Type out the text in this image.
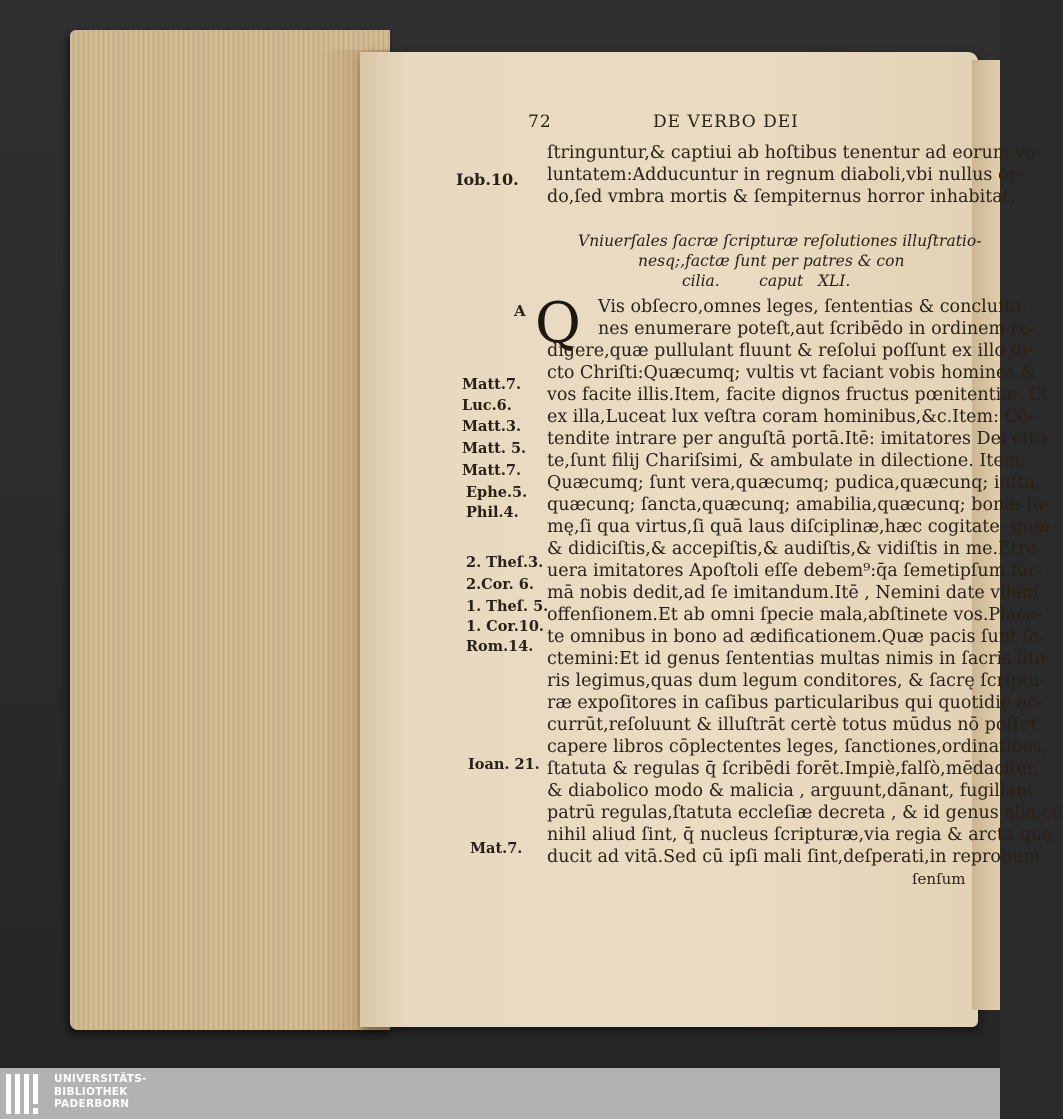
72	DE VERBO DEI
ſtringuntur,& captiui ab hoſtibus tenentur ad eorum vo
luntatem:Adducuntur in regnum diaboli,vbi nullus or-
do,ſed vmbra mortis & ſempiternus horror inhabitat.
Iob.10.
Vniuerſales ſacræ ſcripturæ reſolutiones illuſtratio-
nesq;,factæ ſunt per patres & con
cilia.        caput   XLI.
A Q Vis obſecro,omnes leges, ſententias & concluſio-
nes enumerare poteſt,aut ſcribēdo in ordinem re-
digere,quæ pullulant fluunt & reſolui poſſunt ex illo di-
cto Chriſti:Quæcumq; vultis vt faciant vobis homines,&
vos facite illis.Item, facite dignos fructus pœnitentiæ. Et
ex illa,Luceat lux veſtra coram hominibus,&c.Item: Cō-
tendite intrare per anguſtā portā.Itē: imitatores Dei eſto
te,ſunt filij Chariſsimi, & ambulate in dilectione. Item:
Quæcumq; ſunt vera,quæcumq; pudica,quæcunq; iuſta,
quæcunq; ſancta,quæcunq; amabilia,quæcunq; bonæ fa-
mę,ſi qua virtus,ſi quā laus diſciplinæ,hæc cogitate; quæ
& didiciſtis,& accepiſtis,& audiſtis,& vidiſtis in me.Etre
uera imitatores Apoſtoli eſſe debem⁹:q̄a ſemetipſum for-
mā nobis dedit,ad ſe imitandum.Itē , Nemini date vllam
offenſionem.Et ab omni ſpecie mala,abſtinete vos.Place-
te omnibus in bono ad ædificationem.Quæ pacis ſunt ſe-
ctemini:Et id genus ſententias multas nimis in ſacris lite-
ris legimus,quas dum legum conditores, & ſacrę ſcriptu-
ræ expoſitores in caſibus particularibus qui quotidie oc-
currūt,reſoluunt & illuſtrāt certè totus mūdus nō poſſet
capere libros cōplectentes leges, ſanctiones,ordinatiōes,
ſtatuta & regulas q̄ ſcribēdi forēt.Impiè,falſò,mēdaciter,
& diabolico modo & malicia , arguunt,dānant, fugillant
patrū regulas,ſtatuta eccleſiæ decreta , & id genus alia,cū
nihil aliud ſint, q̄ nucleus ſcripturæ,via regia & arcta quę
ducit ad vitā.Sed cū ipſi mali ſint,deſperati,in reprobum
ſenſum
Matt.7.
Luc.6.
Matt.3.
Matt. 5.
Matt.7.
Ephe.5.
Phil.4.
2. Theſ.3.
2.Cor. 6.
1. Theſ. 5.
1. Cor.10.
Rom.14.
Ioan. 21.
Mat.7.
UNIVERSITÄTS-
BIBLIOTHEK
PADERBORN
